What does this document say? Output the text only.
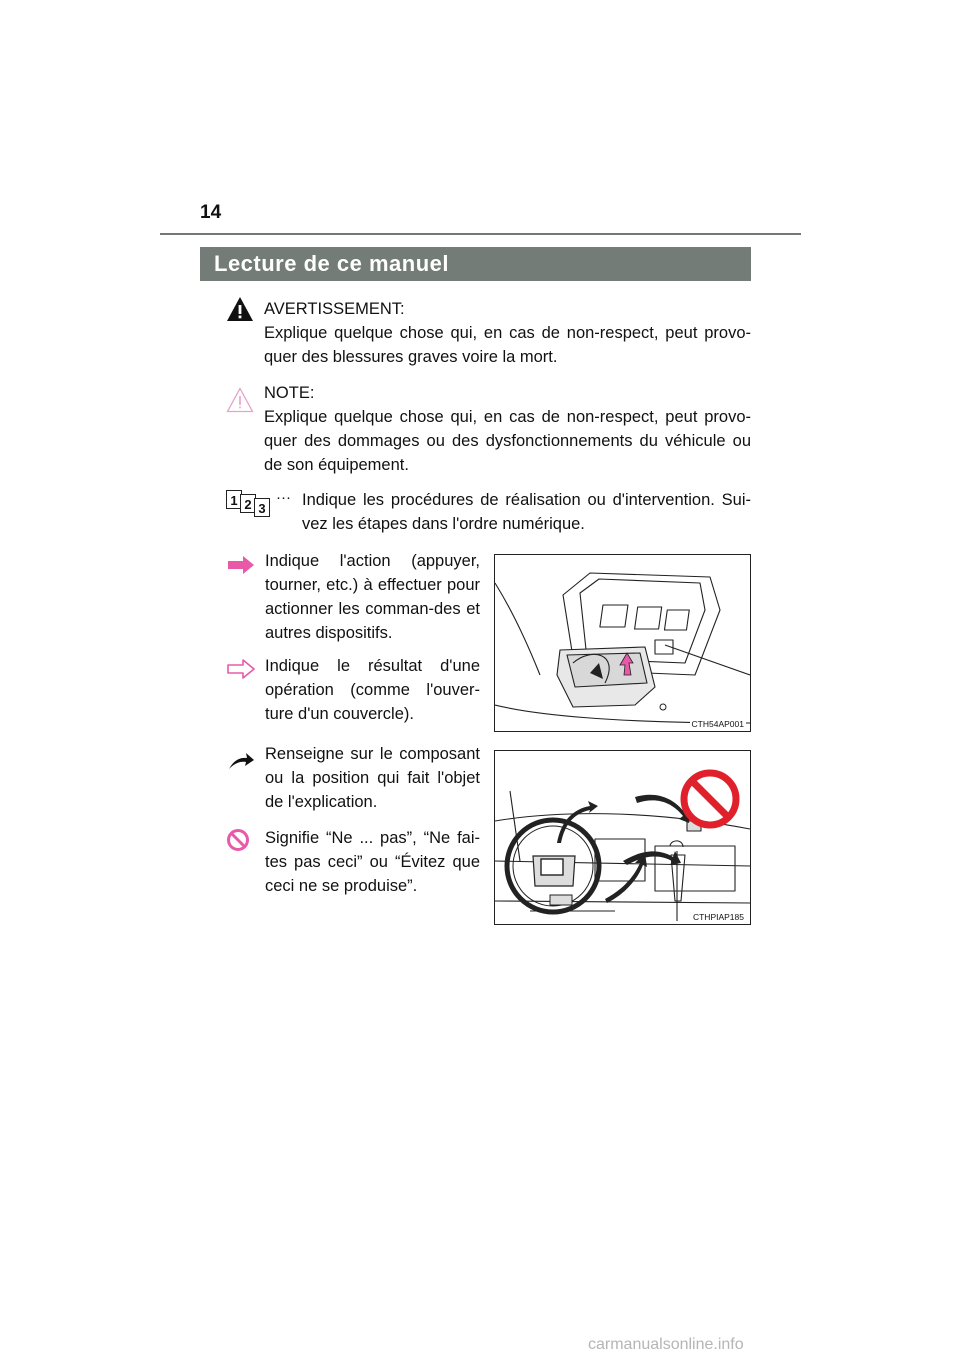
14
Lecture de ce manuel
AVERTISSEMENT:
Explique quelque chose qui, en cas de non-respect, peut provo-quer des blessures graves voire la mort.
NOTE:
Explique quelque chose qui, en cas de non-respect, peut provo-quer des dommages ou des dysfonctionnements du véhicule ou de son équipement.
1 2 3
··· Indique les procédures de réalisation ou d'intervention. Sui-vez les étapes dans l'ordre numérique.
Indique l'action (appuyer, tourner, etc.) à effectuer pour actionner les comman-des et autres dispositifs.
Indique le résultat d'une opération (comme l'ouver-ture d'un couvercle).
Renseigne sur le composant ou la position qui fait l'objet de l'explication.
Signifie “Ne ... pas”, “Ne fai-tes pas ceci” ou “Évitez que ceci ne se produise”.
CTH54AP001
CTHPIAP185
carmanualsonline.info
